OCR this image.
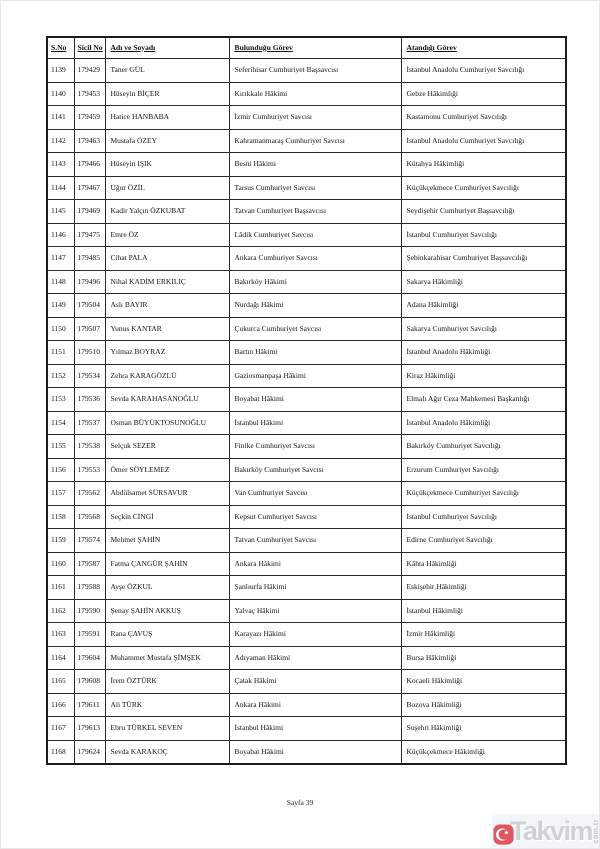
S.No	Sicil No	Adı ve Soyadı	Bulunduğu Görev	Atandığı Görev
1139	179429	Taner GÜL	Seferihisar Cumhuriyet Başsavcısı	İstanbul Anadolu Cumhuriyet Savcılığı
1140	179453	Hüseyin BİÇER	Kırıkkale Hâkimi	Gebze Hâkimliği
1141	179459	Hatice HANBABA	İzmir Cumhuriyet Savcısı	Kastamonu Cumhuriyet Savcılığı
1142	179463	Mustafa ÖZEY	Kahramanmaraş Cumhuriyet Savcısı	İstanbul Anadolu Cumhuriyet Savcılığı
1143	179466	Hüseyin IŞIK	Besni Hâkimi	Kütahya Hâkimliği
1144	179467	Uğur ÖZİL	Tarsus Cumhuriyet Savcısı	Küçükçekmece Cumhuriyet Savcılığı
1145	179469	Kadir Yalçın ÖZKUBAT	Tatvan Cumhuriyet Başsavcısı	Seydişehir Cumhuriyet Başsavcılığı
1146	179475	Emre ÖZ	Lâdik Cumhuriyet Savcısı	İstanbul Cumhuriyet Savcılığı
1147	179485	Cihat PALA	Ankara Cumhuriyet Savcısı	Şebinkarahisar Cumhuriyet Başsavcılığı
1148	179496	Nihal KADİM ERKILIÇ	Bakırköy Hâkimi	Sakarya Hâkimliği
1149	179504	Aslı BAYIR	Nurdağı Hâkimi	Adana Hâkimliği
1150	179507	Yunus KANTAR	Çukurca Cumhuriyet Savcısı	Sakarya Cumhuriyet Savcılığı
1151	179510	Yılmaz BOYRAZ	Bartın Hâkimi	İstanbul Anadolu Hâkimliği
1152	179534	Zehra KARAGÖZLÜ	Gaziosmanpaşa Hâkimi	Kiraz Hâkimliği
1153	179536	Sevda KARAHASANOĞLU	Boyabat Hâkimi	Elmalı Ağır Ceza Mahkemesi Başkanlığı
1154	179537	Osman BÜYÜKTOSUNOĞLU	İstanbul Hâkimi	İstanbul Anadolu Hâkimliği
1155	179538	Selçuk SEZER	Finike Cumhuriyet Savcısı	Bakırköy Cumhuriyet Savcılığı
1156	179553	Ömer SÖYLEMEZ	Bakırköy Cumhuriyet Savcısı	Erzurum Cumhuriyet Savcılığı
1157	179562	Abdülsamet SÜRSAVUR	Van Cumhuriyet Savcısı	Küçükçekmece Cumhuriyet Savcılığı
1158	179568	Seçkin CİNGİ	Kepsut Cumhuriyet Savcısı	İstanbul Cumhuriyet Savcılığı
1159	179574	Mehmet ŞAHİN	Tatvan Cumhuriyet Savcısı	Edirne Cumhuriyet Savcılığı
1160	179587	Fatma ÇANGÜR ŞAHİN	Ankara Hâkimi	Kâhta Hâkimliği
1161	179588	Ayşe ÖZKUL	Şanlıurfa Hâkimi	Eskişehir Hâkimliği
1162	179590	Şenay ŞAHİN AKKUŞ	Yalvaç Hâkimi	İstanbul Hâkimliği
1163	179591	Rana ÇAVUŞ	Karayazı Hâkimi	İzmir Hâkimliği
1164	179604	Muhammet Mustafa ŞİMŞEK	Adıyaman Hâkimi	Bursa Hâkimliği
1165	179608	İrem ÖZTÜRK	Çatak Hâkimi	Kocaeli Hâkimliği
1166	179611	Ali TÜRK	Ankara Hâkimi	Bozova Hâkimliği
1167	179613	Ebru TÜRKEL SEVEN	İstanbul Hâkimi	Suşehri Hâkimliği
1168	179624	Sevda KARAKOÇ	Boyabat Hâkimi	Küçükçekmece Hâkimliği
Sayfa 39
Takvim com.tr
